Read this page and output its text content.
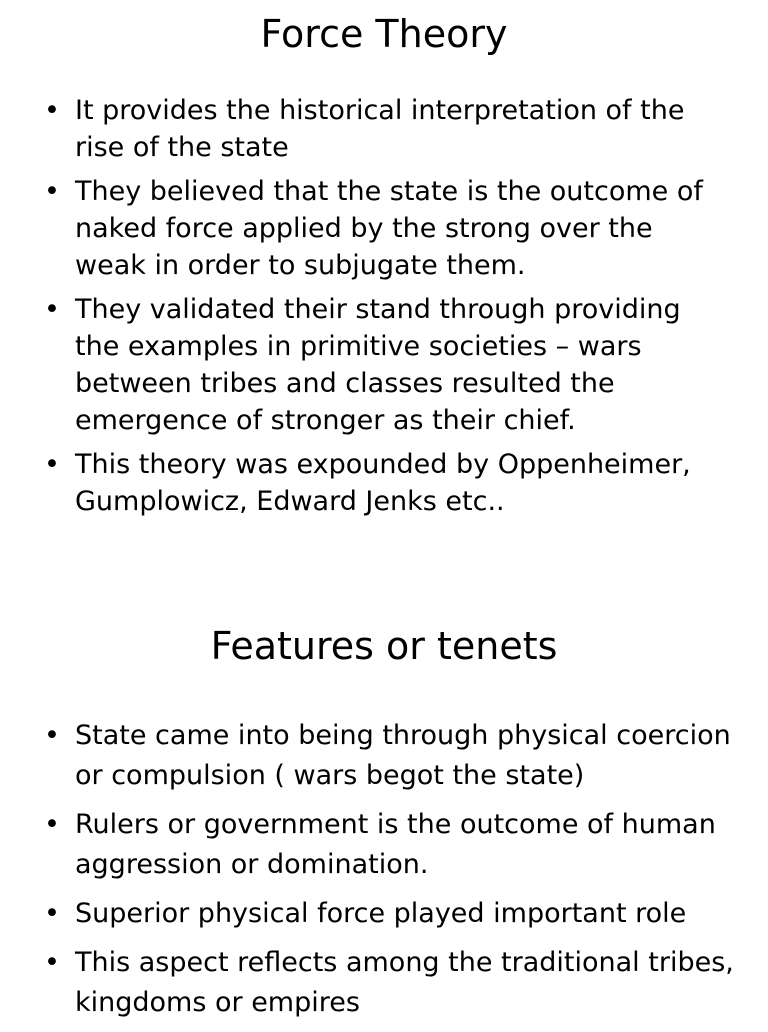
Force Theory
• It provides the historical interpretation of the rise of the state
• They believed that the state is the outcome of naked force applied by the strong over the weak in order to subjugate them.
• They validated their stand through providing the examples in primitive societies – wars between tribes and classes resulted the emergence of stronger as their chief.
• This theory was expounded by Oppenheimer, Gumplowicz, Edward Jenks etc..
Features or tenets
• State came into being through physical coercion or compulsion ( wars begot the state)
• Rulers or government is the outcome of human aggression or domination.
• Superior physical force played important role
• This aspect reflects among the traditional tribes, kingdoms or empires
